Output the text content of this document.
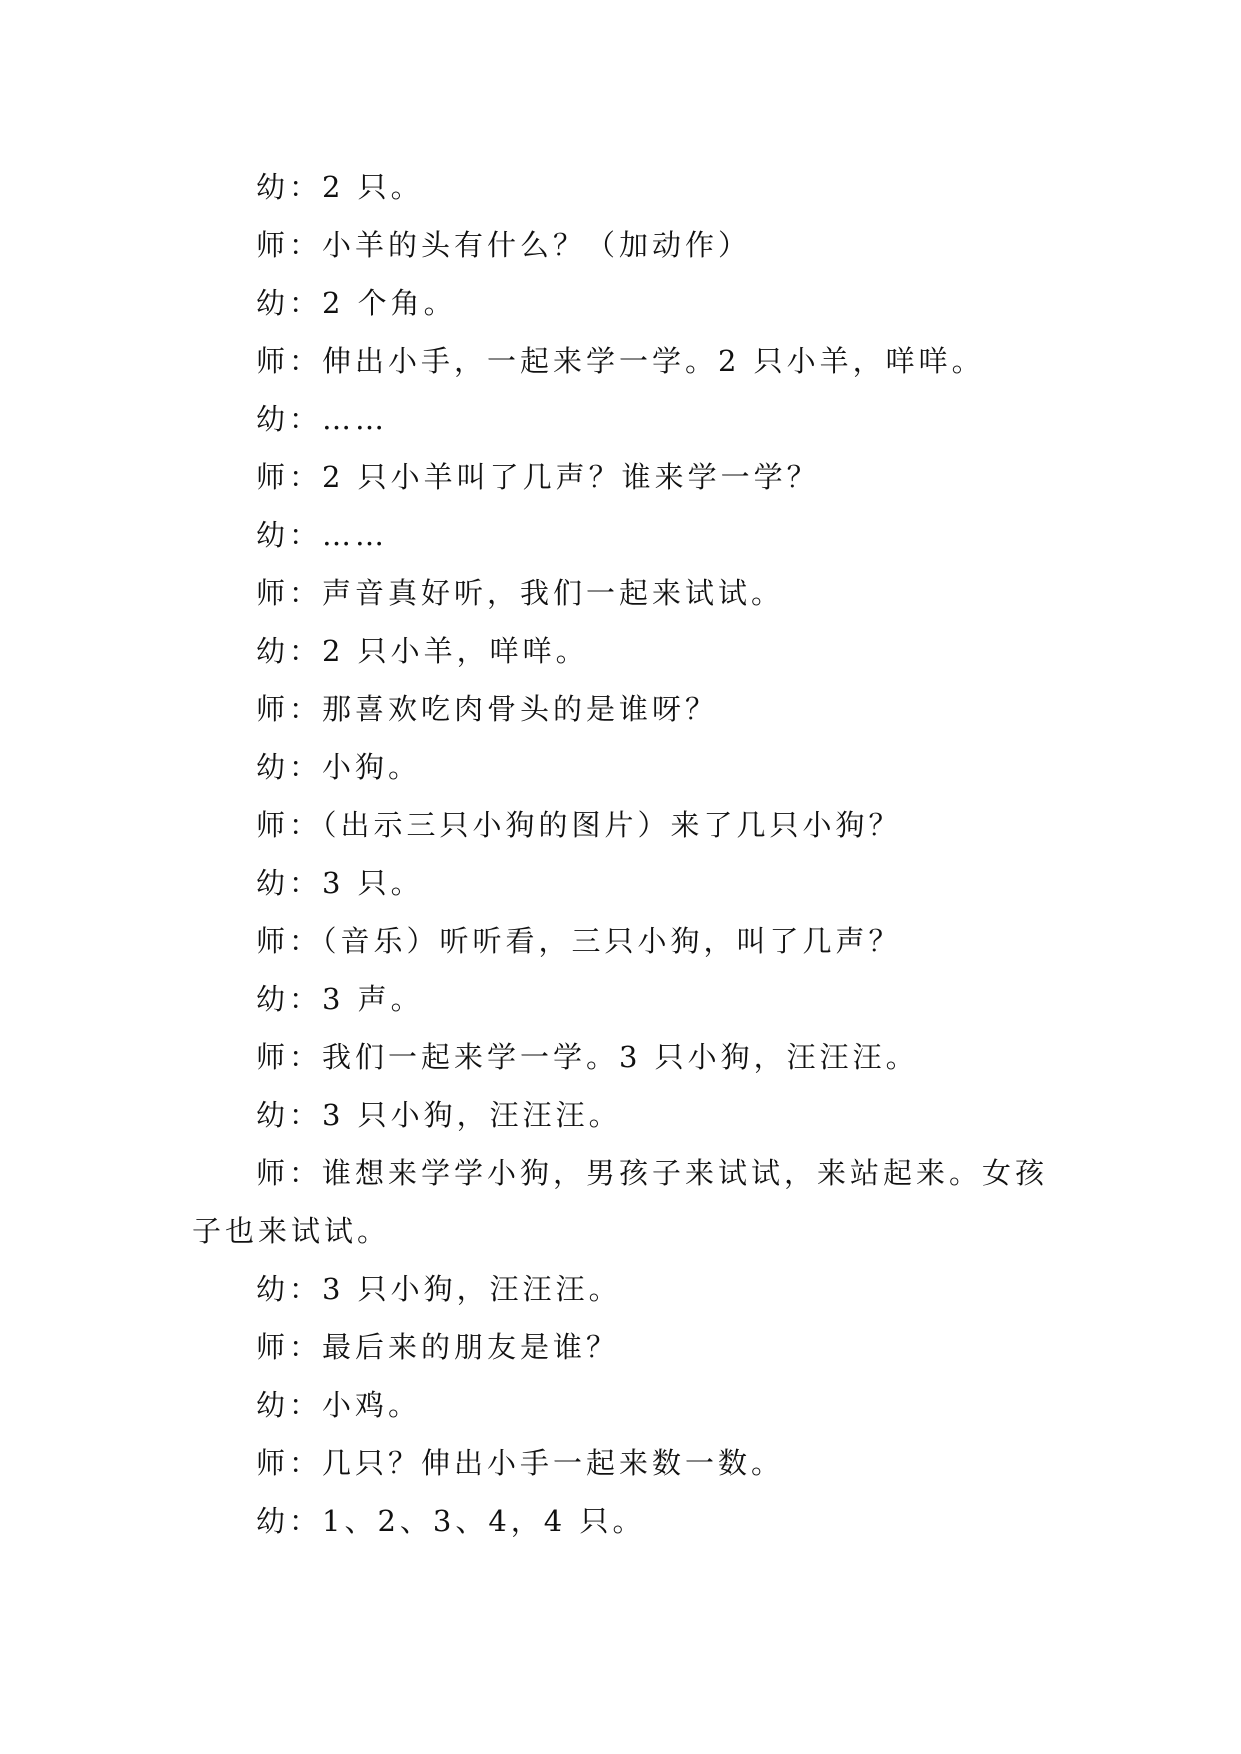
幼：2 只。
师：小羊的头有什么？（加动作）
幼：2 个角。
师：伸出小手，一起来学一学。2 只小羊，咩咩。
幼：……
师：2 只小羊叫了几声？谁来学一学？
幼：……
师：声音真好听，我们一起来试试。
幼：2 只小羊，咩咩。
师：那喜欢吃肉骨头的是谁呀？
幼：小狗。
师：（出示三只小狗的图片）来了几只小狗？
幼：3 只。
师：（音乐）听听看，三只小狗，叫了几声？
幼：3 声。
师：我们一起来学一学。3 只小狗，汪汪汪。
幼：3 只小狗，汪汪汪。
师：谁想来学学小狗，男孩子来试试，来站起来。女孩
子也来试试。
幼：3 只小狗，汪汪汪。
师：最后来的朋友是谁？
幼：小鸡。
师：几只？伸出小手一起来数一数。
幼：1、2、3、4，4 只。
